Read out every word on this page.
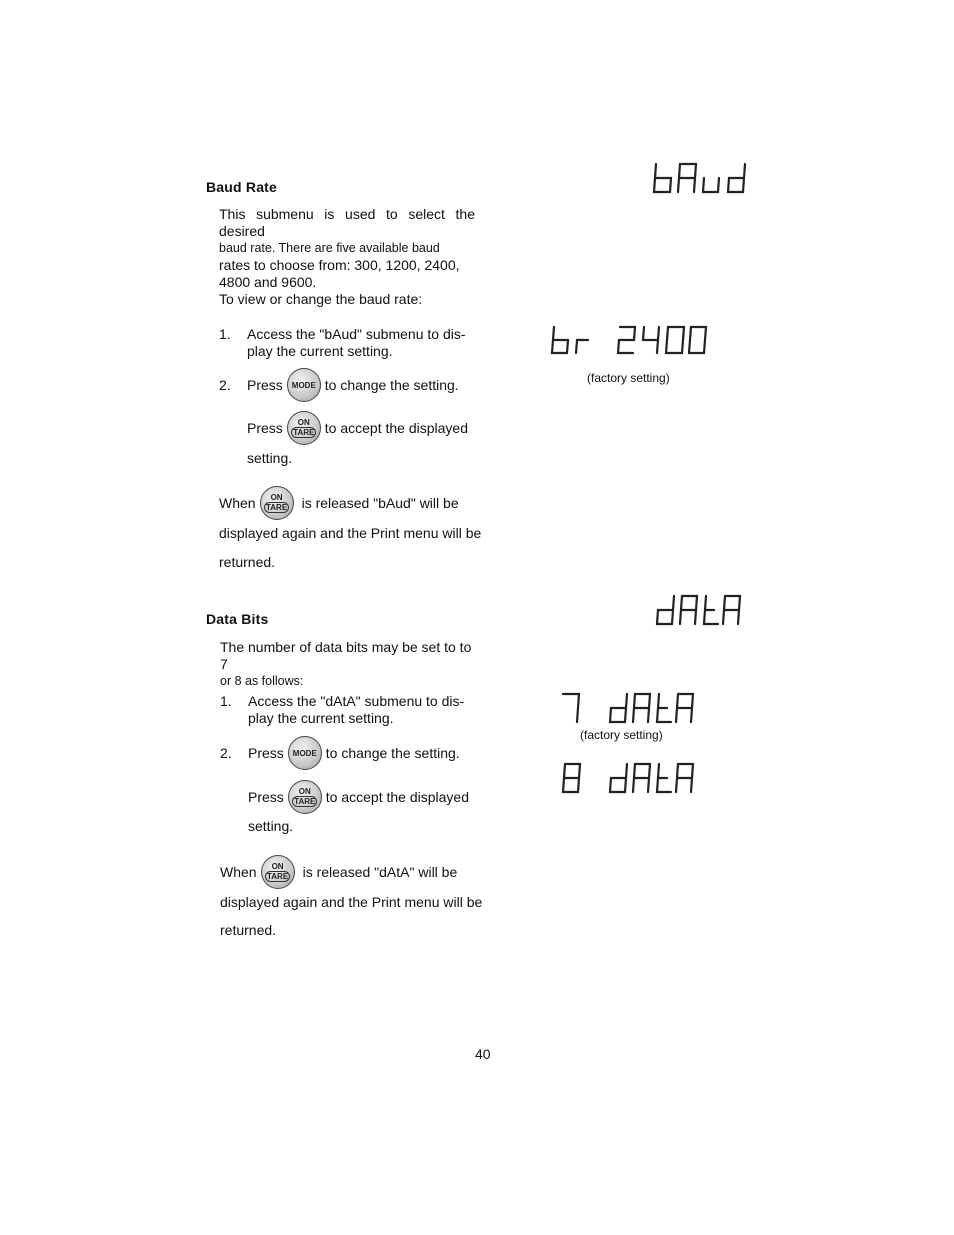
Baud Rate
This submenu is used to select the desired
baud rate. There are five available baud
rates to choose from: 300, 1200, 2400,
4800 and 9600.
To view or change the baud rate:
1.	Access the "bAud" submenu to dis-
play the current setting.
2.	Press MODE to change the setting.
Press ON
TARE to accept the displayed
setting.
When ON
TARE is released "bAud" will be
displayed again and the Print menu will be
returned.
(factory setting)
Data Bits
The number of data bits may be set to to 7
or 8 as follows:
1.	Access the "dAtA" submenu to dis-
play the current setting.
2.	Press MODE to change the setting.
Press ON
TARE to accept the displayed
setting.
When ON
TARE is released "dAtA" will be
displayed again and the Print menu will be
returned.
(factory setting)
40
